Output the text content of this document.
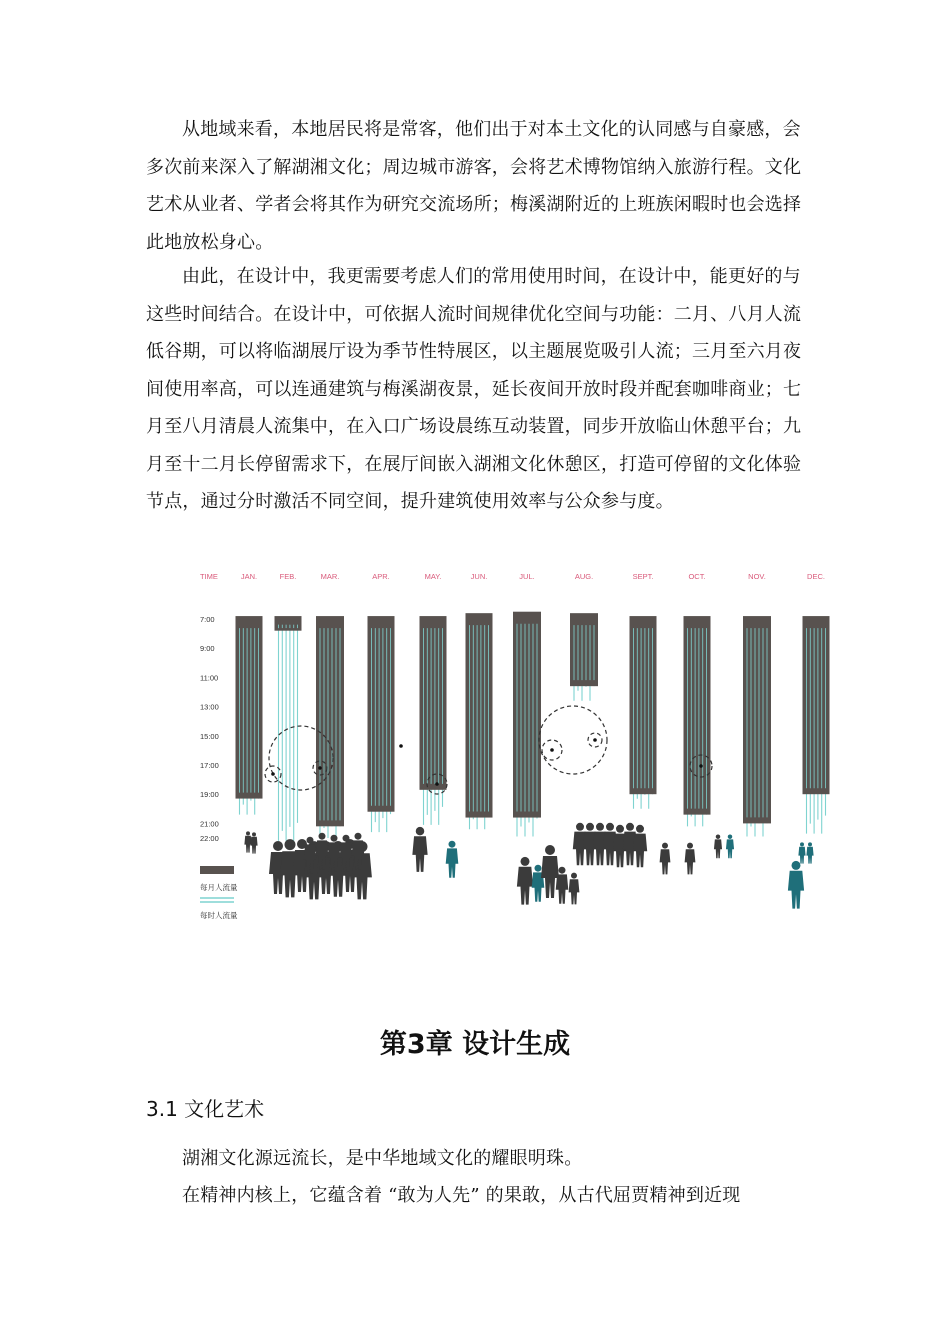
从地域来看，本地居民将是常客，他们出于对本土文化的认同感与自豪感，会多次前来深入了解湖湘文化；周边城市游客，会将艺术博物馆纳入旅游行程。文化艺术从业者、学者会将其作为研究交流场所；梅溪湖附近的上班族闲暇时也会选择此地放松身心。

由此，在设计中，我更需要考虑人们的常用使用时间，在设计中，能更好的与这些时间结合。在设计中，可依据人流时间规律优化空间与功能：二月、八月人流低谷期，可以将临湖展厅设为季节性特展区，以主题展览吸引人流；三月至六月夜间使用率高，可以连通建筑与梅溪湖夜景，延长夜间开放时段并配套咖啡商业；七月至八月清晨人流集中，在入口广场设晨练互动装置，同步开放临山休憩平台；九月至十二月长停留需求下，在展厅间嵌入湖湘文化休憩区，打造可停留的文化体验节点，通过分时激活不同空间，提升建筑使用效率与公众参与度。

TIME	JAN.	FEB.	MAR.	APR.	MAY.	JUN.	JUL.	AUG.	SEPT.	OCT.	NOV.	DEC.
7:00
9:00
11:00
13:00
15:00
17:00
19:00
21:00
22:00
每月人流量
每时人流量
第3章 设计生成
3.1 文化艺术

湖湘文化源远流长，是中华地域文化的耀眼明珠。

在精神内核上，它蕴含着 “敢为人先” 的果敢，从古代屈贾精神到近现
